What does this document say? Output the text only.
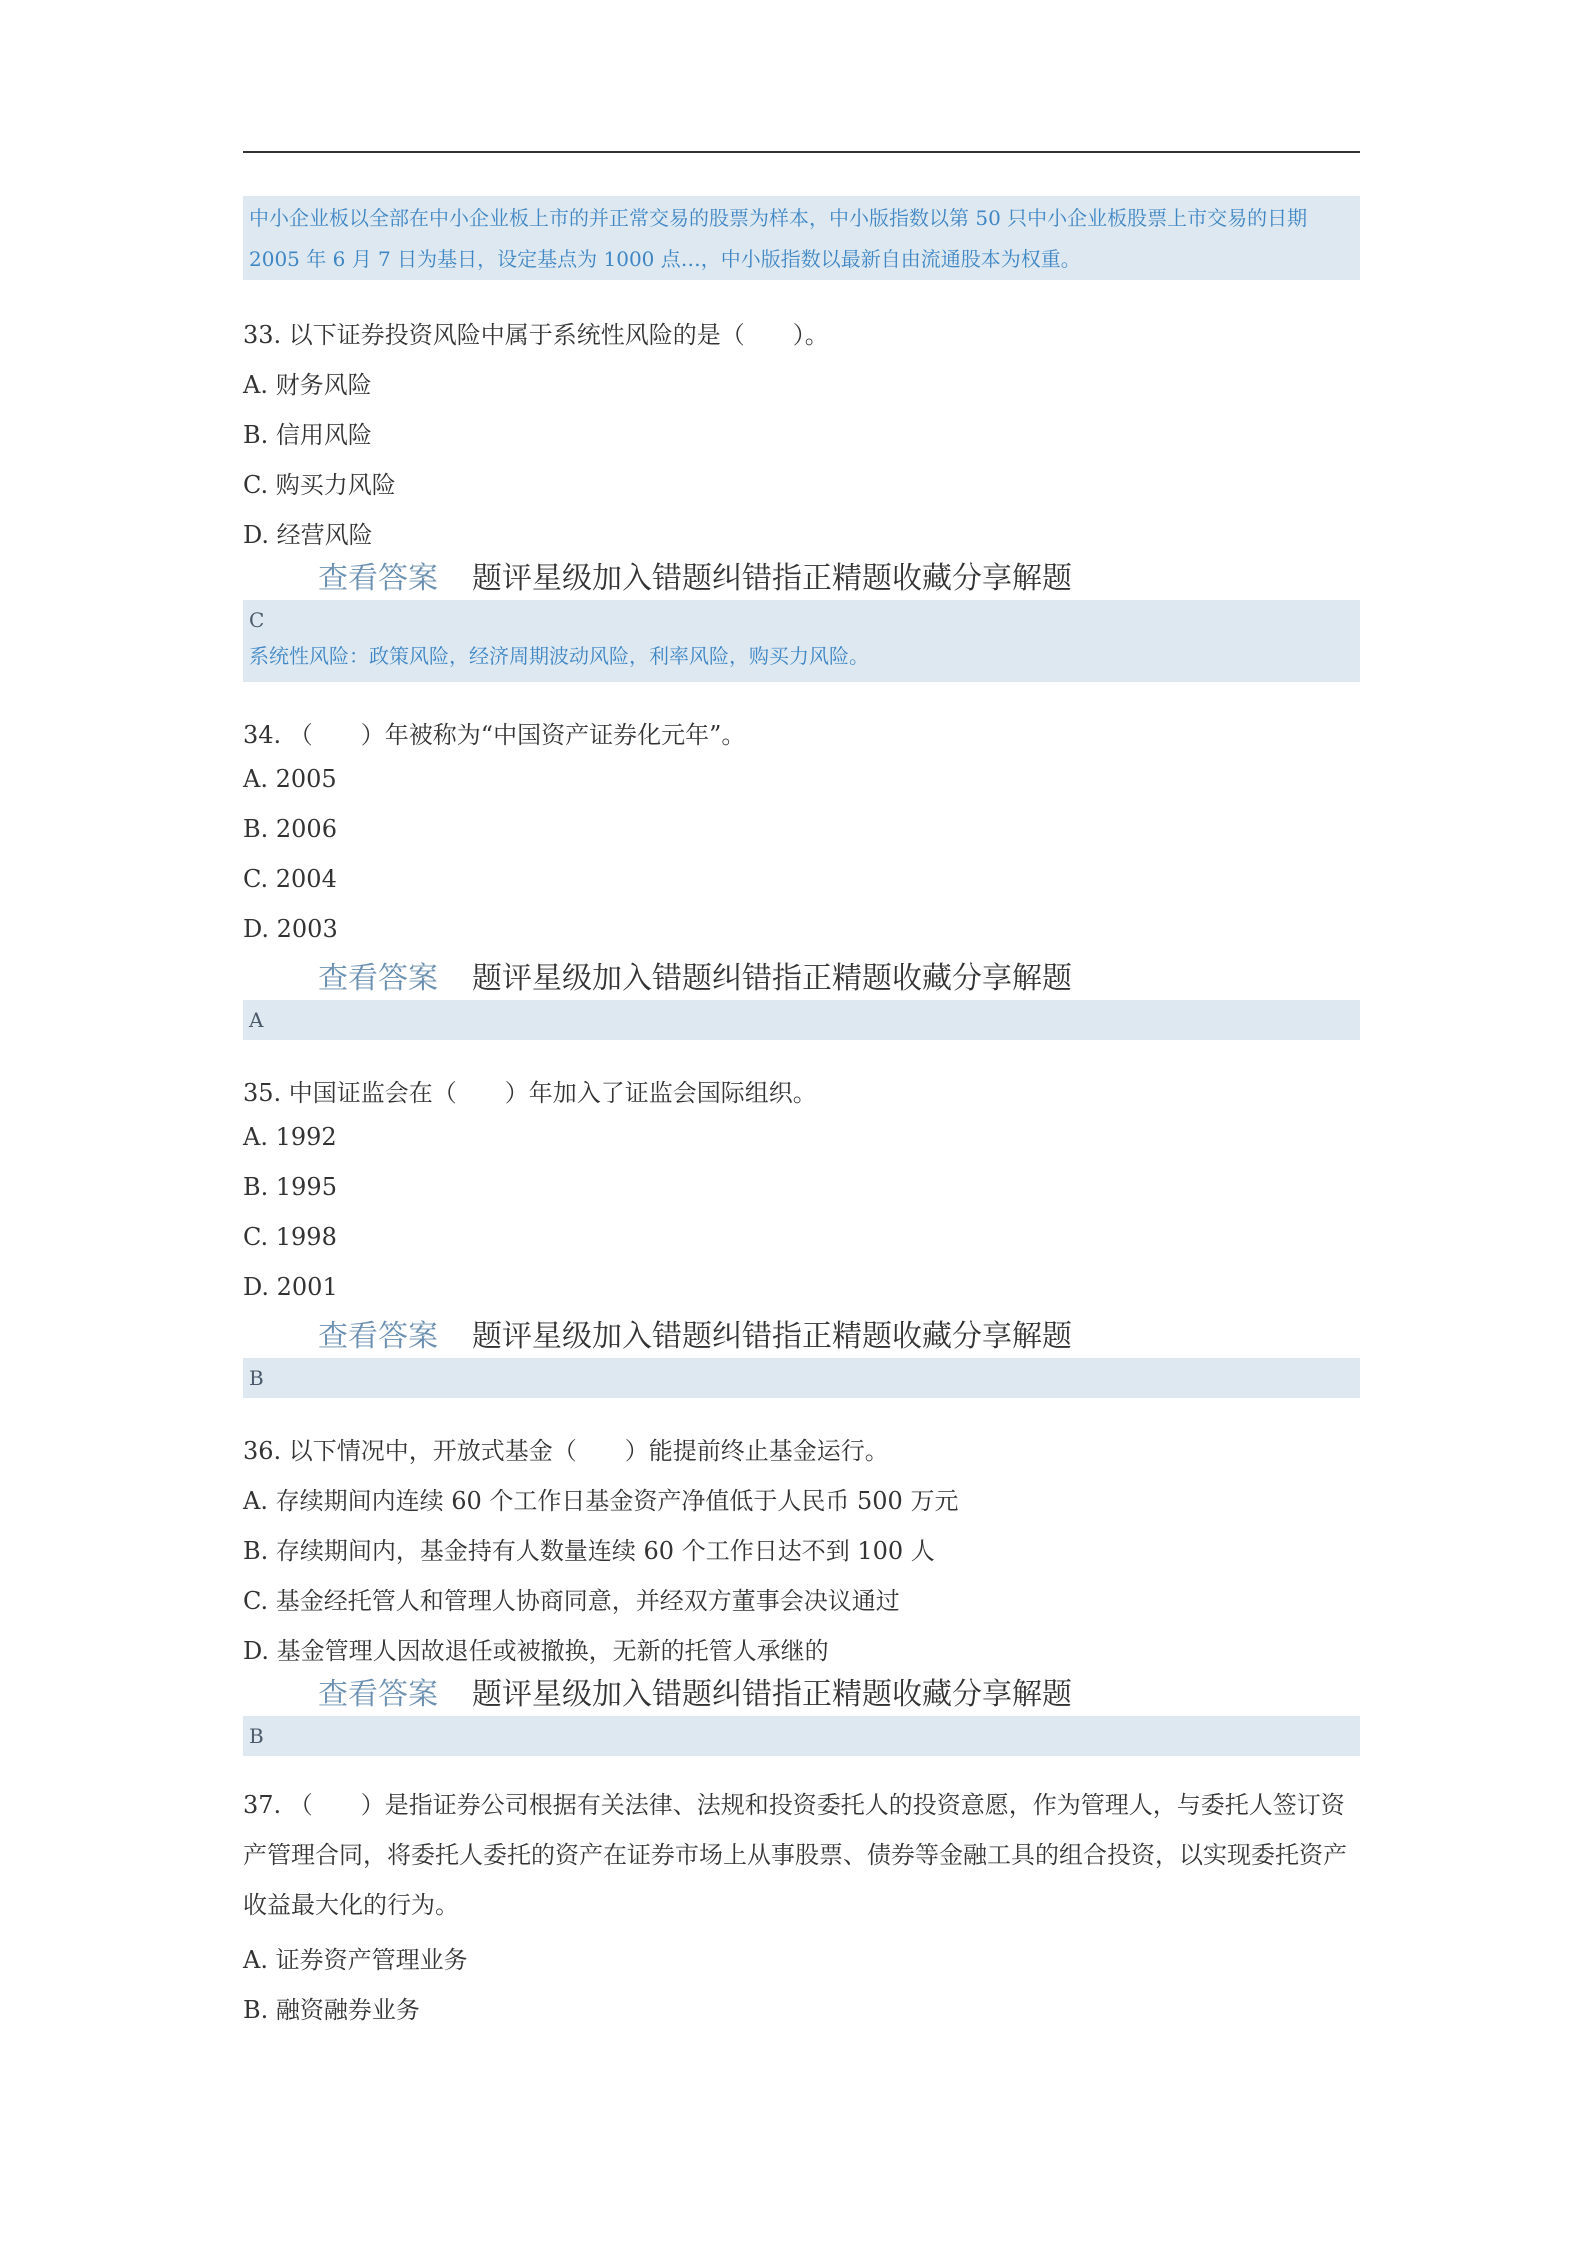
中小企业板以全部在中小企业板上市的并正常交易的股票为样本，中小版指数以第 50 只中小企业板股票上市交易的日期 2005 年 6 月 7 日为基日，设定基点为 1000 点…，中小版指数以最新自由流通股本为权重。
33. 以下证券投资风险中属于系统性风险的是（　　）。
A. 财务风险
B. 信用风险
C. 购买力风险
D. 经营风险
查看答案 题评星级加入错题纠错指正精题收藏分享解题
C
系统性风险：政策风险，经济周期波动风险，利率风险，购买力风险。
34. （　　）年被称为“中国资产证券化元年”。
A. 2005
B. 2006
C. 2004
D. 2003
查看答案 题评星级加入错题纠错指正精题收藏分享解题
A
35. 中国证监会在（　　）年加入了证监会国际组织。
A. 1992
B. 1995
C. 1998
D. 2001
查看答案 题评星级加入错题纠错指正精题收藏分享解题
B
36. 以下情况中，开放式基金（　　）能提前终止基金运行。
A. 存续期间内连续 60 个工作日基金资产净值低于人民币 500 万元
B. 存续期间内，基金持有人数量连续 60 个工作日达不到 100 人
C. 基金经托管人和管理人协商同意，并经双方董事会决议通过
D. 基金管理人因故退任或被撤换，无新的托管人承继的
查看答案 题评星级加入错题纠错指正精题收藏分享解题
B
37. （　　）是指证券公司根据有关法律、法规和投资委托人的投资意愿，作为管理人，与委托人签订资产管理合同，将委托人委托的资产在证券市场上从事股票、债券等金融工具的组合投资，以实现委托资产收益最大化的行为。
A. 证券资产管理业务
B. 融资融券业务
